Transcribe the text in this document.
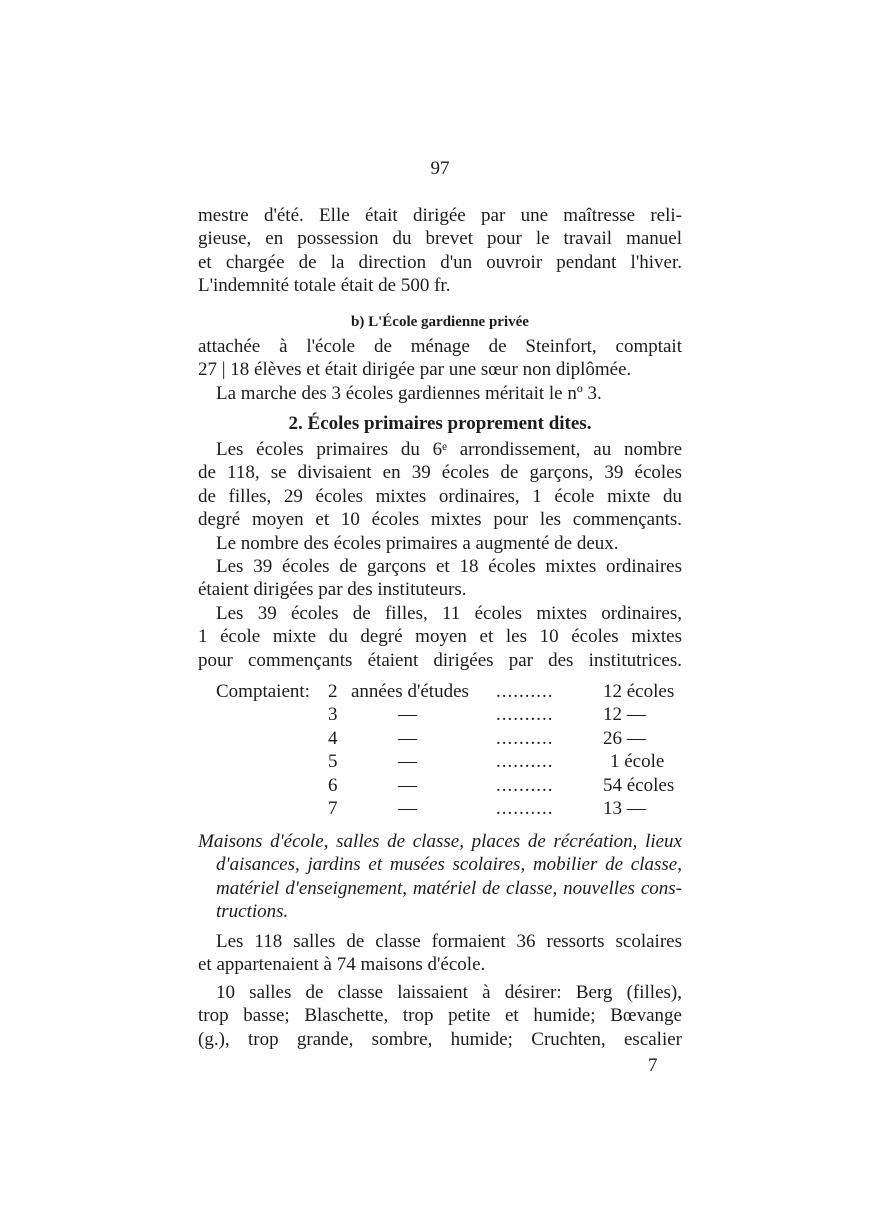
97
mestre d'été. Elle était dirigée par une maîtresse reli-
gieuse, en possession du brevet pour le travail manuel
et chargée de la direction d'un ouvroir pendant l'hiver.
L'indemnité totale était de 500 fr.
b) L'École gardienne privée
attachée à l'école de ménage de Steinfort, comptait
27 | 18 élèves et était dirigée par une sœur non diplômée.
La marche des 3 écoles gardiennes méritait le nº 3.
2. Écoles primaires proprement dites.
Les écoles primaires du 6ᵉ arrondissement, au nombre
de 118, se divisaient en 39 écoles de garçons, 39 écoles
de filles, 29 écoles mixtes ordinaires, 1 école mixte du
degré moyen et 10 écoles mixtes pour les commençants.
Le nombre des écoles primaires a augmenté de deux.
Les 39 écoles de garçons et 18 écoles mixtes ordinaires
étaient dirigées par des instituteurs.
Les 39 écoles de filles, 11 écoles mixtes ordinaires,
1 école mixte du degré moyen et les 10 écoles mixtes
pour commençants étaient dirigées par des institutrices.
Comptaient: 2 années d'études ..........	12 écoles
3	—	..........	12 —
4	—	..........	26 —
5	—	..........	1 école
6	—	..........	54 écoles
7	—	..........	13 —
Maisons d'école, salles de classe, places de récréation, lieux
d'aisances, jardins et musées scolaires, mobilier de classe,
matériel d'enseignement, matériel de classe, nouvelles cons-
tructions.
Les 118 salles de classe formaient 36 ressorts scolaires
et appartenaient à 74 maisons d'école.
10 salles de classe laissaient à désirer: Berg (filles),
trop basse; Blaschette, trop petite et humide; Bœvange
(g.), trop grande, sombre, humide; Cruchten, escalier
7
